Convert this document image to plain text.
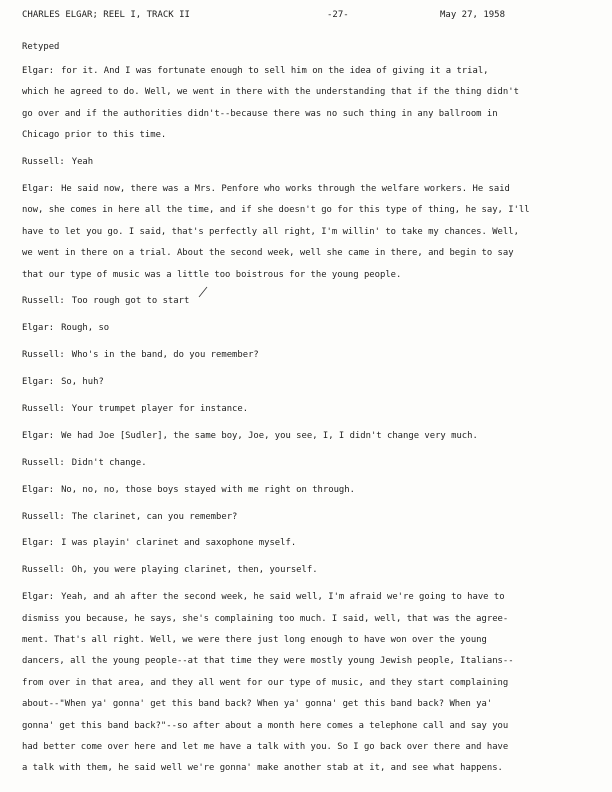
CHARLES ELGAR; REEL I, TRACK II	-27-	May 27, 1958
Retyped
Elgar: for it. And I was fortunate enough to sell him on the idea of giving it a trial,
which he agreed to do. Well, we went in there with the understanding that if the thing didn't
go over and if the authorities didn't--because there was no such thing in any ballroom in
Chicago prior to this time.
Russell: Yeah
Elgar: He said now, there was a Mrs. Penfore who works through the welfare workers. He said
now, she comes in here all the time, and if she doesn't go for this type of thing, he say, I'll
have to let you go. I said, that's perfectly all right, I'm willin' to take my chances. Well,
we went in there on a trial. About the second week, well she came in there, and begin to say
that our type of music was a little too boistrous for the young people.
Russell: Too rough got to start
Elgar: Rough, so
Russell: Who's in the band, do you remember?
Elgar: So, huh?
Russell: Your trumpet player for instance.
Elgar: We had Joe [Sudler], the same boy, Joe, you see, I, I didn't change very much.
Russell: Didn't change.
Elgar: No, no, no, those boys stayed with me right on through.
Russell: The clarinet, can you remember?
Elgar: I was playin' clarinet and saxophone myself.
Russell: Oh, you were playing clarinet, then, yourself.
Elgar: Yeah, and ah after the second week, he said well, I'm afraid we're going to have to
dismiss you because, he says, she's complaining too much. I said, well, that was the agree-
ment. That's all right. Well, we were there just long enough to have won over the young
dancers, all the young people--at that time they were mostly young Jewish people, Italians--
from over in that area, and they all went for our type of music, and they start complaining
about--"When ya' gonna' get this band back? When ya' gonna' get this band back? When ya'
gonna' get this band back?"--so after about a month here comes a telephone call and say you
had better come over here and let me have a talk with you. So I go back over there and have
a talk with them, he said well we're gonna' make another stab at it, and see what happens.
